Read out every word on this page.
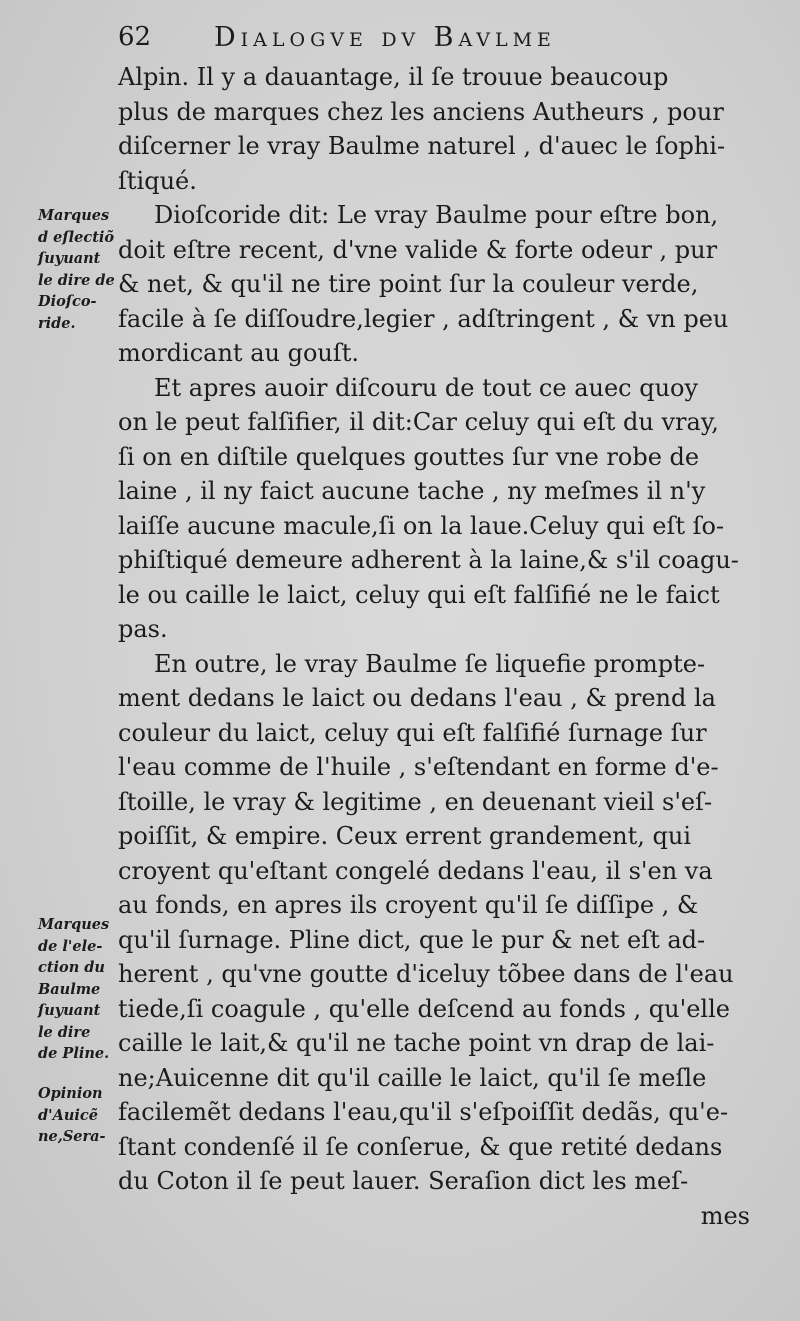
62 Dialogve dv Bavlme
Alpin. Il y a dauantage, il ſe trouue beaucoup
plus de marques chez les anciens Autheurs , pour
diſcerner le vray Baulme naturel , d'auec le ſophi-
ſtiqué.
Dioſcoride dit: Le vray Baulme pour eſtre bon,
doit eſtre recent, d'vne valide & forte odeur , pur
& net, & qu'il ne tire point ſur la couleur verde,
facile à ſe diſſoudre,legier , adſtringent , & vn peu
mordicant au gouſt.
Et apres auoir diſcouru de tout ce auec quoy
on le peut falſifier, il dit:Car celuy qui eſt du vray,
ſi on en diſtile quelques gouttes ſur vne robe de
laine , il ny faict aucune tache , ny meſmes il n'y
laiſſe aucune macule,ſi on la laue.Celuy qui eſt ſo-
phiſtiqué demeure adherent à la laine,& s'il coagu-
le ou caille le laict, celuy qui eſt falſifié ne le faict
pas.
En outre, le vray Baulme ſe liquefie prompte-
ment dedans le laict ou dedans l'eau , & prend la
couleur du laict, celuy qui eſt falſifié ſurnage ſur
l'eau comme de l'huile , s'eſtendant en forme d'e-
ſtoille, le vray & legitime , en deuenant vieil s'eſ-
poiſſit, & empire. Ceux errent grandement, qui
croyent qu'eſtant congelé dedans l'eau, il s'en va
au fonds, en apres ils croyent qu'il ſe diſſipe , &
qu'il ſurnage. Pline dict, que le pur & net eſt ad-
herent , qu'vne goutte d'iceluy tõbee dans de l'eau
tiede,ſi coagule , qu'elle deſcend au fonds , qu'elle
caille le lait,& qu'il ne tache point vn drap de lai-
ne;Auicenne dit qu'il caille le laict, qu'il ſe meſle
facilemẽt dedans l'eau,qu'il s'eſpoiſſit dedãs, qu'e-
ſtant condenſé il ſe conſerue, & que retité dedans
du Coton il ſe peut lauer. Seraſion dict les meſ-
mes
Marques
d eſlectiõ
ſuyuant
le dire de
Dioſco-
ride.
Marques
de l'ele-
ction du
Baulme
ſuyuant
le dire
de Pline.
Opinion
d'Auicẽ
ne,Sera-
